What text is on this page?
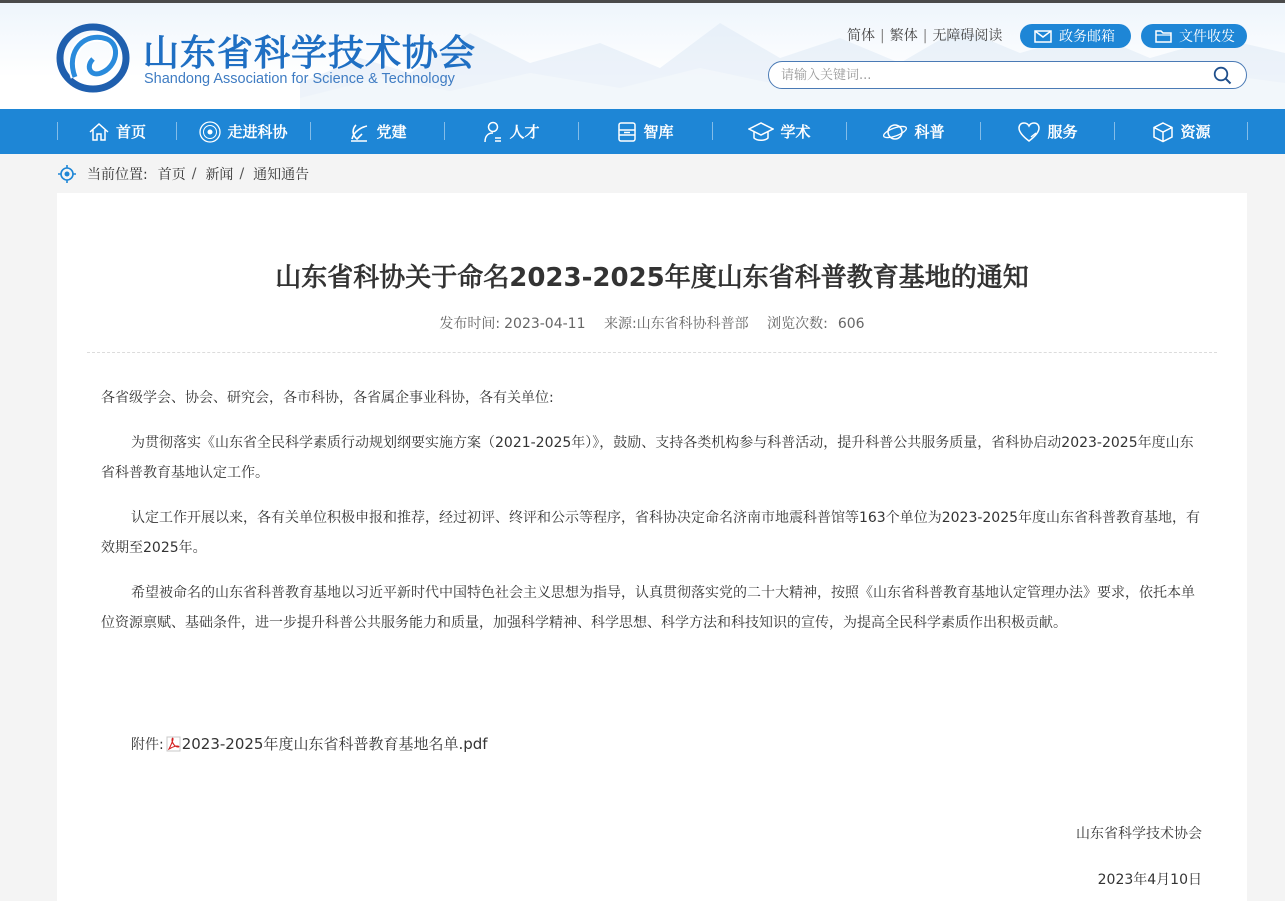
山东省科学技术协会
Shandong Association for Science & Technology
简体 | 繁体 | 无障碍阅读	政务邮箱	文件收发
请输入关键词...
首页	走进科协	党建	人才	智库	学术	科普	服务	资源
当前位置: 首页 / 新闻 / 通知通告
山东省科协关于命名2023-2025年度山东省科普教育基地的通知
发布时间: 2023-04-11 来源:山东省科协科普部 浏览次数: 606

各省级学会、协会、研究会，各市科协，各省属企事业科协，各有关单位:

为贯彻落实《山东省全民科学素质行动规划纲要实施方案（2021-2025年）》，鼓励、支持各类机构参与科普活动，提升科普公共服务质量，省科协启动2023-2025年度山东省科普教育基地认定工作。

认定工作开展以来，各有关单位积极申报和推荐，经过初评、终评和公示等程序，省科协决定命名济南市地震科普馆等163个单位为2023-2025年度山东省科普教育基地，有效期至2025年。

希望被命名的山东省科普教育基地以习近平新时代中国特色社会主义思想为指导，认真贯彻落实党的二十大精神，按照《山东省科普教育基地认定管理办法》要求，依托本单位资源禀赋、基础条件，进一步提升科普公共服务能力和质量，加强科学精神、科学思想、科学方法和科技知识的宣传，为提高全民科学素质作出积极贡献。

附件: 2023-2025年度山东省科普教育基地名单.pdf
山东省科学技术协会
2023年4月10日
